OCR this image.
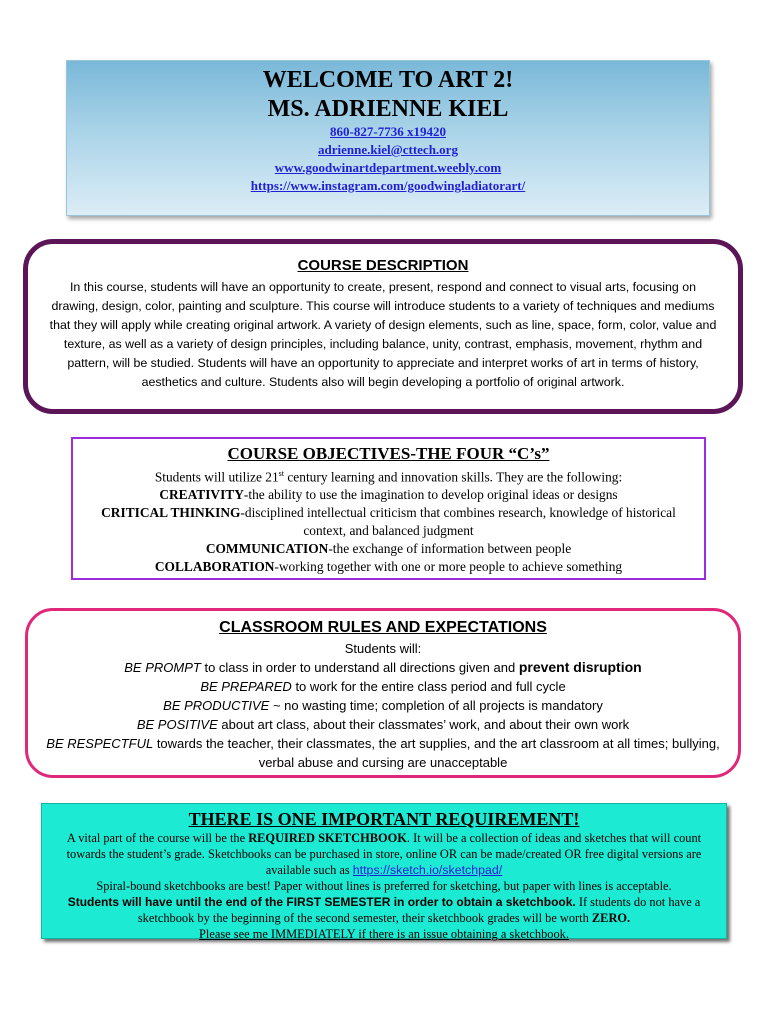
WELCOME TO ART 2!
MS. ADRIENNE KIEL
860-827-7736 x19420
adrienne.kiel@cttech.org
www.goodwinartdepartment.weebly.com
https://www.instagram.com/goodwingladiatorart/
COURSE DESCRIPTION
In this course, students will have an opportunity to create, present, respond and connect to visual arts, focusing on drawing, design, color, painting and sculpture. This course will introduce students to a variety of techniques and mediums that they will apply while creating original artwork. A variety of design elements, such as line, space, form, color, value and texture, as well as a variety of design principles, including balance, unity, contrast, emphasis, movement, rhythm and pattern, will be studied. Students will have an opportunity to appreciate and interpret works of art in terms of history, aesthetics and culture. Students also will begin developing a portfolio of original artwork.
COURSE OBJECTIVES-THE FOUR “C’s”
Students will utilize 21st century learning and innovation skills. They are the following:
CREATIVITY-the ability to use the imagination to develop original ideas or designs
CRITICAL THINKING-disciplined intellectual criticism that combines research, knowledge of historical context, and balanced judgment
COMMUNICATION-the exchange of information between people
COLLABORATION-working together with one or more people to achieve something
CLASSROOM RULES AND EXPECTATIONS
Students will:
BE PROMPT to class in order to understand all directions given and prevent disruption
BE PREPARED to work for the entire class period and full cycle
BE PRODUCTIVE ~ no wasting time; completion of all projects is mandatory
BE POSITIVE about art class, about their classmates’ work, and about their own work
BE RESPECTFUL towards the teacher, their classmates, the art supplies, and the art classroom at all times; bullying, verbal abuse and cursing are unacceptable
THERE IS ONE IMPORTANT REQUIREMENT!
A vital part of the course will be the REQUIRED SKETCHBOOK. It will be a collection of ideas and sketches that will count towards the student’s grade. Sketchbooks can be purchased in store, online OR can be made/created OR free digital versions are available such as https://sketch.io/sketchpad/
Spiral-bound sketchbooks are best! Paper without lines is preferred for sketching, but paper with lines is acceptable.
Students will have until the end of the FIRST SEMESTER in order to obtain a sketchbook. If students do not have a sketchbook by the beginning of the second semester, their sketchbook grades will be worth ZERO.
Please see me IMMEDIATELY if there is an issue obtaining a sketchbook.
